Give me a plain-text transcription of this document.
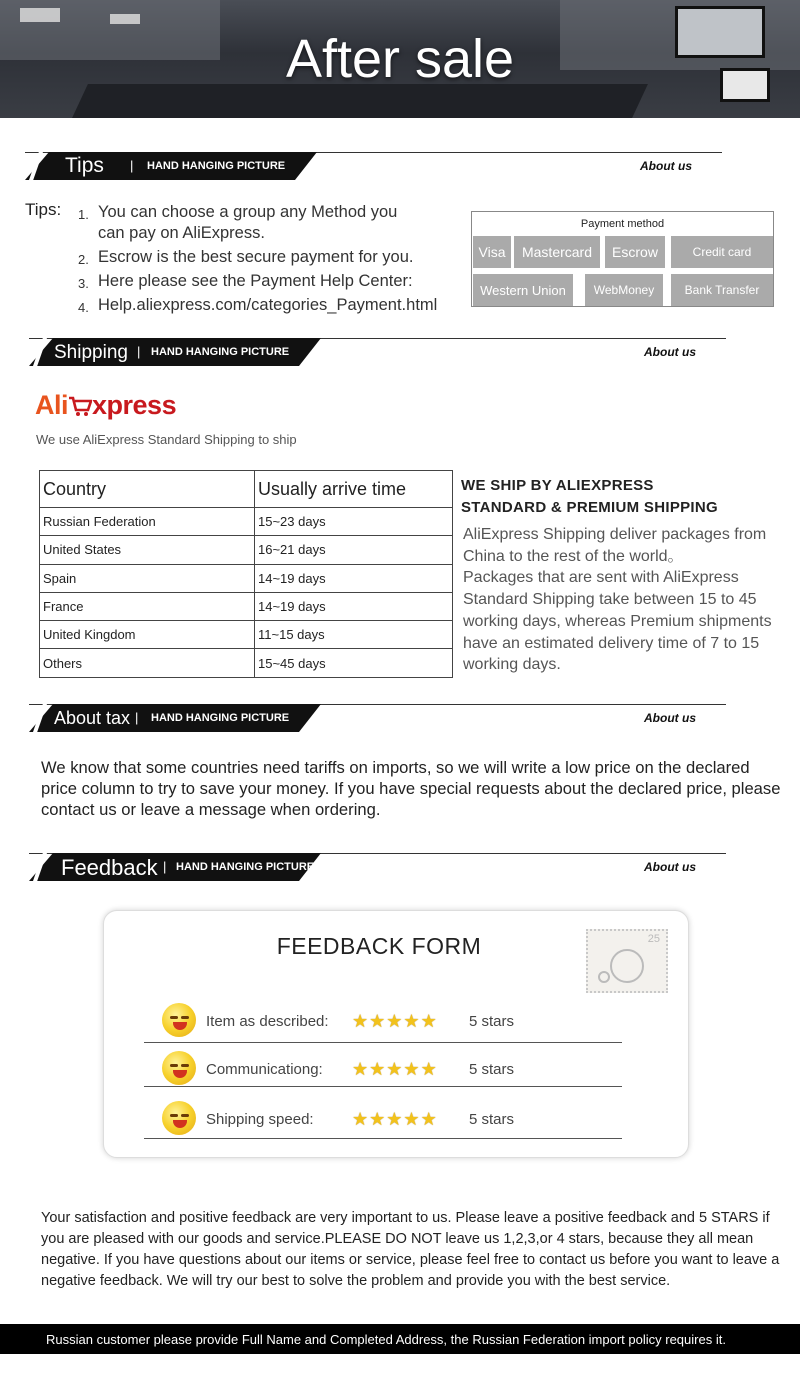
After sale
Tips | HAND HANGING PICTURE	About us
Tips: 1. You can choose a group any Method you
can pay on AliExpress.
2. Escrow is the best secure payment for you.
3. Here please see the Payment Help Center:
4. Help.aliexpress.com/categories_Payment.html
Payment method
Visa	Mastercard	Escrow	Credit card
Western Union	WebMoney	Bank Transfer
Shipping | HAND HANGING PICTURE	About us
Ali xpress
We use AliExpress Standard Shipping to ship
Country	Usually arrive time
Russian Federation	15~23 days
United States	16~21 days
Spain	14~19 days
France	14~19 days
United Kingdom	11~15 days
Others	15~45 days
WE SHIP BY ALIEXPRESS
STANDARD & PREMIUM SHIPPING
AliExpress Shipping deliver packages from China to the rest of the world。
Packages that are sent with AliExpress Standard Shipping take between 15 to 45 working days, whereas Premium shipments have an estimated delivery time of 7 to 15 working days.
About tax | HAND HANGING PICTURE	About us
We know that some countries need tariffs on imports, so we will write a low price on the declared price column to try to save your money. If you have special requests about the declared price, please contact us or leave a message when ordering.
Feedback | HAND HANGING PICTURE	About us
FEEDBACK FORM	25
Item as described: ★ ★ ★ ★ ★ 5 stars
Communicationg: ★ ★ ★ ★ ★ 5 stars
Shipping speed: ★ ★ ★ ★ ★ 5 stars
Your satisfaction and positive feedback are very important to us. Please leave a positive feedback and 5 STARS if you are pleased with our goods and service.PLEASE DO NOT leave us 1,2,3,or 4 stars, because they all mean negative. If you have questions about our items or service, please feel free to contact us before you want to leave a negative feedback. We will try our best to solve the problem and provide you with the best service.
Russian customer please provide Full Name and Completed Address, the Russian Federation import policy requires it.
